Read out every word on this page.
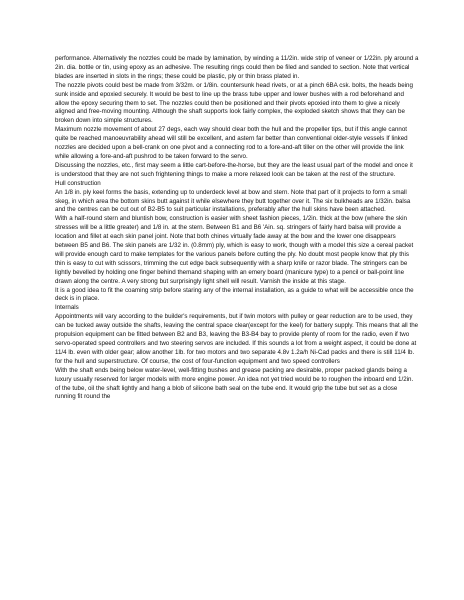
performance. Alternatively the nozzles could be made by lamination, by winding a 11/2in. wide strip of veneer or 1/22in. ply around a 2in. dia. bottle or tin, using epoxy as an adhesive. The resulting rings could then be filed and sanded to section. Note that vertical blades are inserted in slots in the rings; these could be plastic, ply or thin brass plated in.

The nozzle pivots could best be made from 3/32m. or 1/8in. countersunk head rivets, or at a pinch 6BA csk. bolts, the heads being sunk inside and epoxied securely. It would be best to line up the brass tube upper and lower bushes with a rod beforehand and allow the epoxy securing them to set. The nozzles could then be positioned and their pivots epoxied into them to give a nicely aligned and free-moving mounting. Although the shaft supports look fairly complex, the exploded sketch shows that they can be broken down into simple structures.

Maximum nozzle movement of about 27 degs, each way should clear both the hull and the propeller tips, but if this angle cannot quite be reached manoeuvrability ahead will still be excellent, and astern far better than conventional older-style vessels If linked nozzles are decided upon a bell-crank on one pivot and a connecting rod to a fore-and-aft tiller on the other will provide the link while allowing a fore-and-aft pushrod to be taken forward to the servo.

Discussing the nozzles, etc., first may seem a little cart-before-the-horse, but they are the least usual part of the model and once it is understood that they are not such frightening things to make a more relaxed look can be taken at the rest of the structure.

Hull construction

An 1/8 in. ply keel forms the basis, extending up to underdeck level at bow and stern. Note that part of it projects to form a small skeg, in which area the bottom skins butt against it while elsewhere they butt together over it. The six bulkheads are 1/32in. balsa and the centres can be cut out of B2-B5 to suit particular installations, preferably after the hull skins have been attached.

With a half-round stern and bluntish bow, construction is easier with sheet fashion pieces, 1/2in. thick at the bow (where the skin stresses will be a little greater) and 1/8 in. at the stern. Between B1 and B6 'Ain. sq. stringers of fairly hard balsa will provide a location and fillet at each skin panel joint. Note that both chines virtually fade away at the bow and the lower one disappears between B5 and B6. The skin panels are 1/32 in. (0.8mm) ply, which is easy to work, though with a model this size a cereal packet will provide enough card to make templates for the various panels before cutting the ply. No doubt most people know that ply this thin is easy to cut with scissors, trimming the cut edge back subsequently with a sharp knife or razor blade. The stringers can be lightly bevelled by holding one finger behind themand shaping with an emery board (manicure type) to a pencil or ball-point line drawn along the centre. A very strong but surprisingly light shell will result. Varnish the inside at this stage.

It is a good idea to fit the coaming strip before staring any of the internal installation, as a guide to what will be accessible once the deck is in place.

Internals

Appointments will vary according to the builder's requirements, but if twin motors with pulley or gear reduction are to be used, they can be tucked away outside the shafts, leaving the central space clear(except for the keel) for battery supply. This means that all the propulsion equipment can be fitted between B2 and B3, leaving the B3-B4 bay to provide plenty of room for the radio, even if two servo-operated speed controllers and two steering servos are included. If this sounds a lot from a weight aspect, it could be done at 11/4 lb. even with older gear; allow another 1lb. for two motors and two separate 4.8v 1.2a/h Ni-Cad packs and there is still 11/4 lb. for the hull and superstructure. Of course, the cost of four-function equipment and two speed controllers

With the shaft ends being below water-level, well-fitting bushes and grease packing are desirable, proper packed glands being a luxury usually reserved for larger models with more engine power. An idea not yet tried would be to roughen the inboard end 1/2in. of the tube, oil the shaft lightly and hang a blob of silicone bath seal on the tube end. It would grip the tube but set as a close running fit round the
